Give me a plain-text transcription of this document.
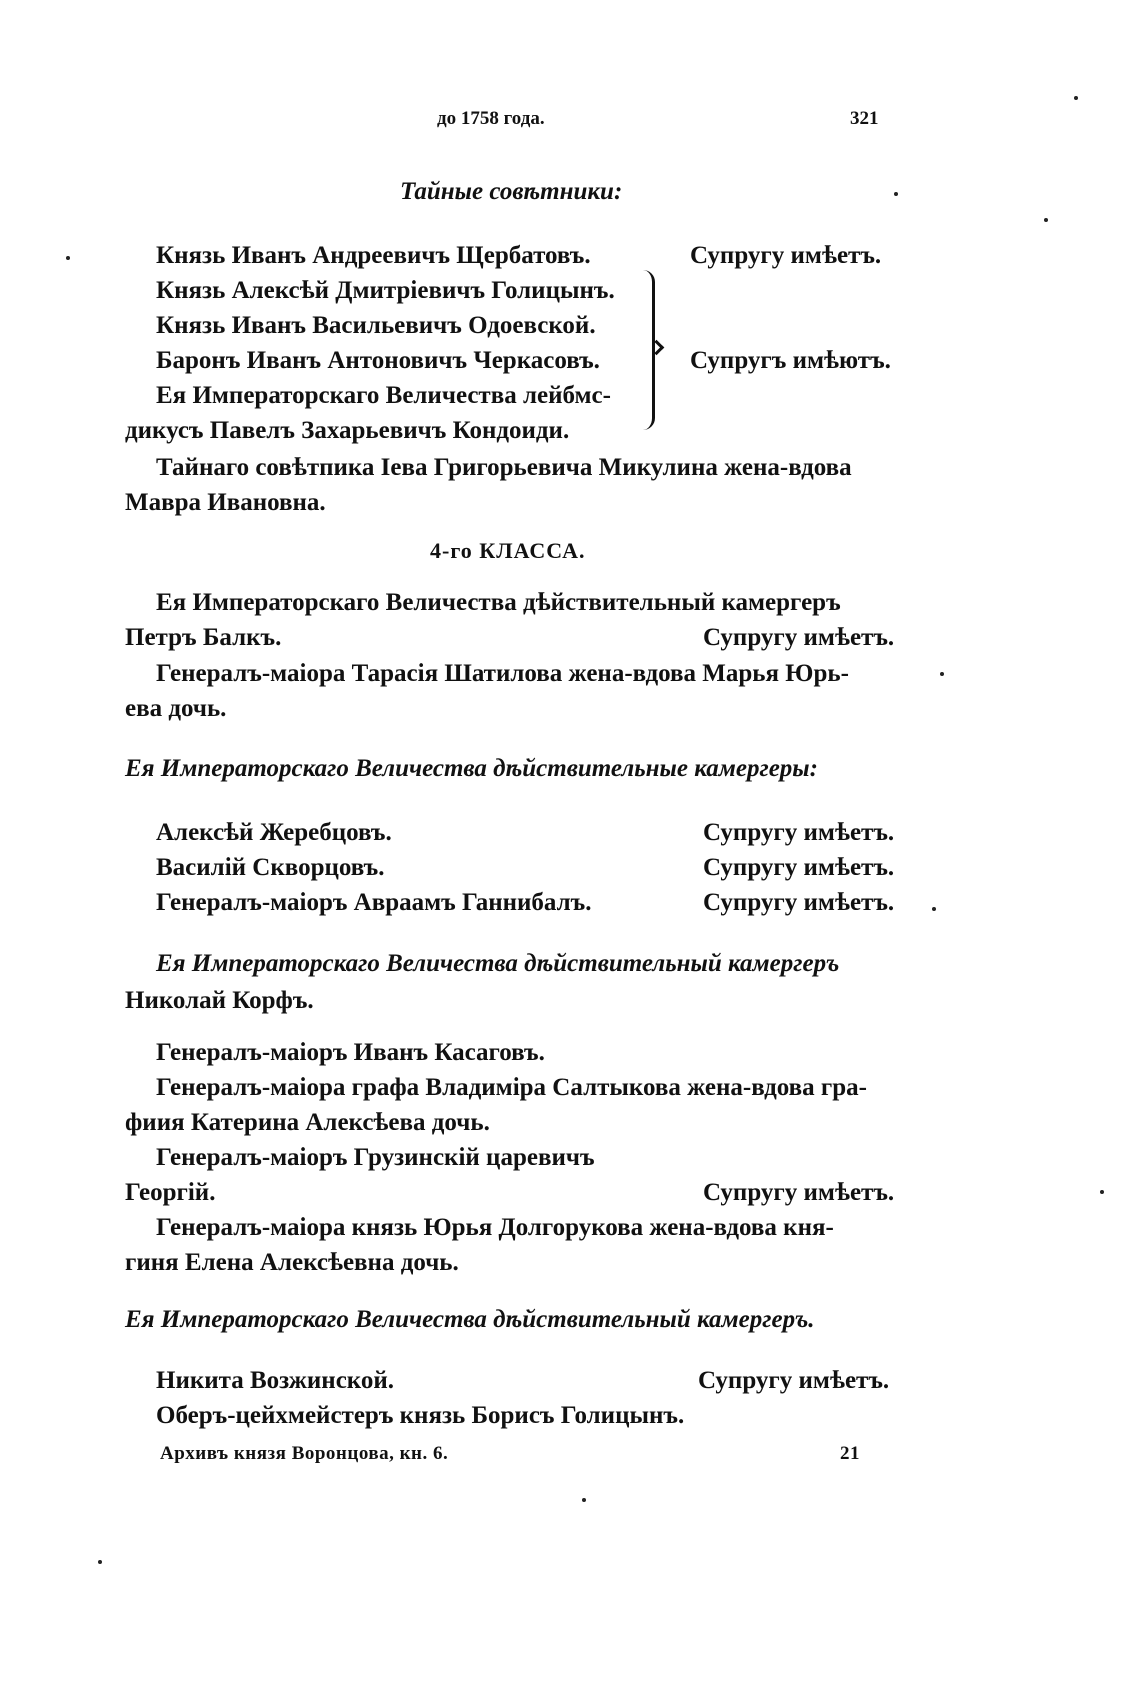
до 1758 года.	321
Тайные совѣтники:
Князь Иванъ Андреевичъ Щербатовъ.	Супругу имѣетъ.
Князь Алексѣй Дмитріевичъ Голицынъ.
Князь Иванъ Васильевичъ Одоевской.
Баронъ Иванъ Антоновичъ Черкасовъ.	Супругъ имѣютъ.
Ея Императорскаго Величества лейбмс-
дикусъ Павелъ Захарьевичъ Кондоиди.
Тайнаго совѣтпика Іева Григорьевича Микулина жена-вдова
Мавра Ивановна.
4-го КЛАССА.
Ея Императорскаго Величества дѣйствительный камергеръ
Петръ Балкъ.	Супругу имѣетъ.
Генералъ-маіора Тарасія Шатилова жена-вдова Марья Юрь-
ева дочь.
Ея Императорскаго Величества дѣйствительные камергеры:
Алексѣй Жеребцовъ.	Супругу имѣетъ.
Василій Скворцовъ.	Супругу имѣетъ.
Генералъ-маіоръ Авраамъ Ганнибалъ.	Супругу имѣетъ.
Ея Императорскаго Величества дѣйствительный камергеръ
Николай Корфъ.
Генералъ-маіоръ Иванъ Касаговъ.
Генералъ-маіора графа Владиміра Салтыкова жена-вдова гра-
фиия Катерина Алексѣева дочь.
Генералъ-маіоръ Грузинскій царевичъ
Георгій.	Супругу имѣетъ.
Генералъ-маіора князь Юрья Долгорукова жена-вдова кня-
гиня Елена Алексѣевна дочь.
Ея Императорскаго Величества дѣйствительный камергеръ.
Никита Возжинской.	Супругу имѣетъ.
Оберъ-цейхмейстеръ князь Борисъ Голицынъ.
Архивъ князя Воронцова, кн. 6.	21
